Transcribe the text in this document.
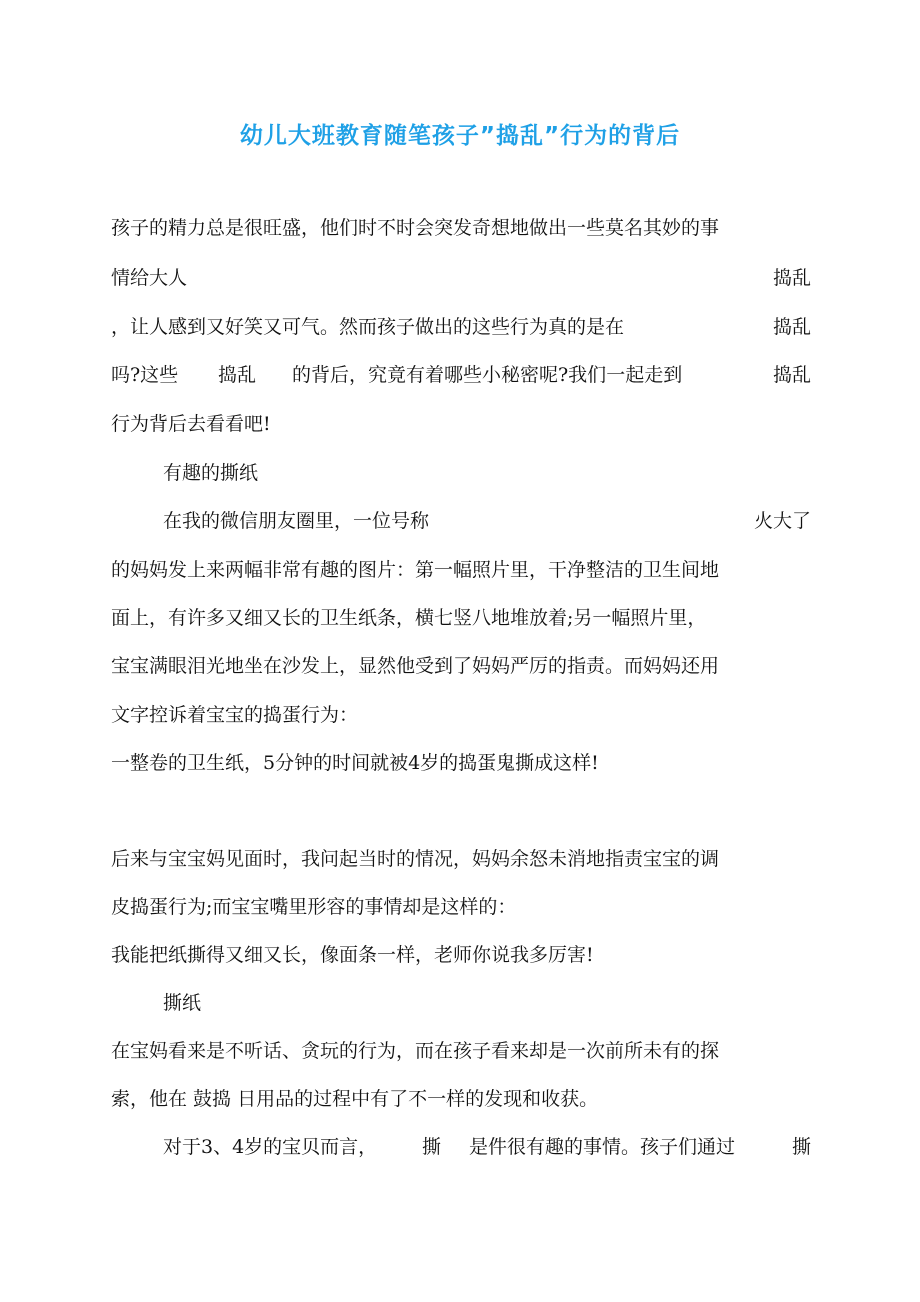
幼儿大班教育随笔孩子”捣乱”行为的背后
孩子的精力总是很旺盛，他们时不时会突发奇想地做出一些莫名其妙的事
情给大人	捣乱
，让人感到又好笑又可气。然而孩子做出的这些行为真的是在	捣乱
吗?这些 捣乱 的背后，究竟有着哪些小秘密呢?我们一起走到	捣乱
行为背后去看看吧!
有趣的撕纸
在我的微信朋友圈里，一位号称	火大了
的妈妈发上来两幅非常有趣的图片：第一幅照片里，干净整洁的卫生间地
面上，有许多又细又长的卫生纸条，横七竖八地堆放着;另一幅照片里，
宝宝满眼泪光地坐在沙发上，显然他受到了妈妈严厉的指责。而妈妈还用
文字控诉着宝宝的捣蛋行为：
一整卷的卫生纸，5分钟的时间就被4岁的捣蛋鬼撕成这样!
后来与宝宝妈见面时，我问起当时的情况，妈妈余怒未消地指责宝宝的调
皮捣蛋行为;而宝宝嘴里形容的事情却是这样的：
我能把纸撕得又细又长，像面条一样，老师你说我多厉害!
撕纸
在宝妈看来是不听话、贪玩的行为，而在孩子看来却是一次前所未有的探
索，他在 鼓捣 日用品的过程中有了不一样的发现和收获。
对于3、4岁的宝贝而言， 撕 是件很有趣的事情。孩子们通过	撕
